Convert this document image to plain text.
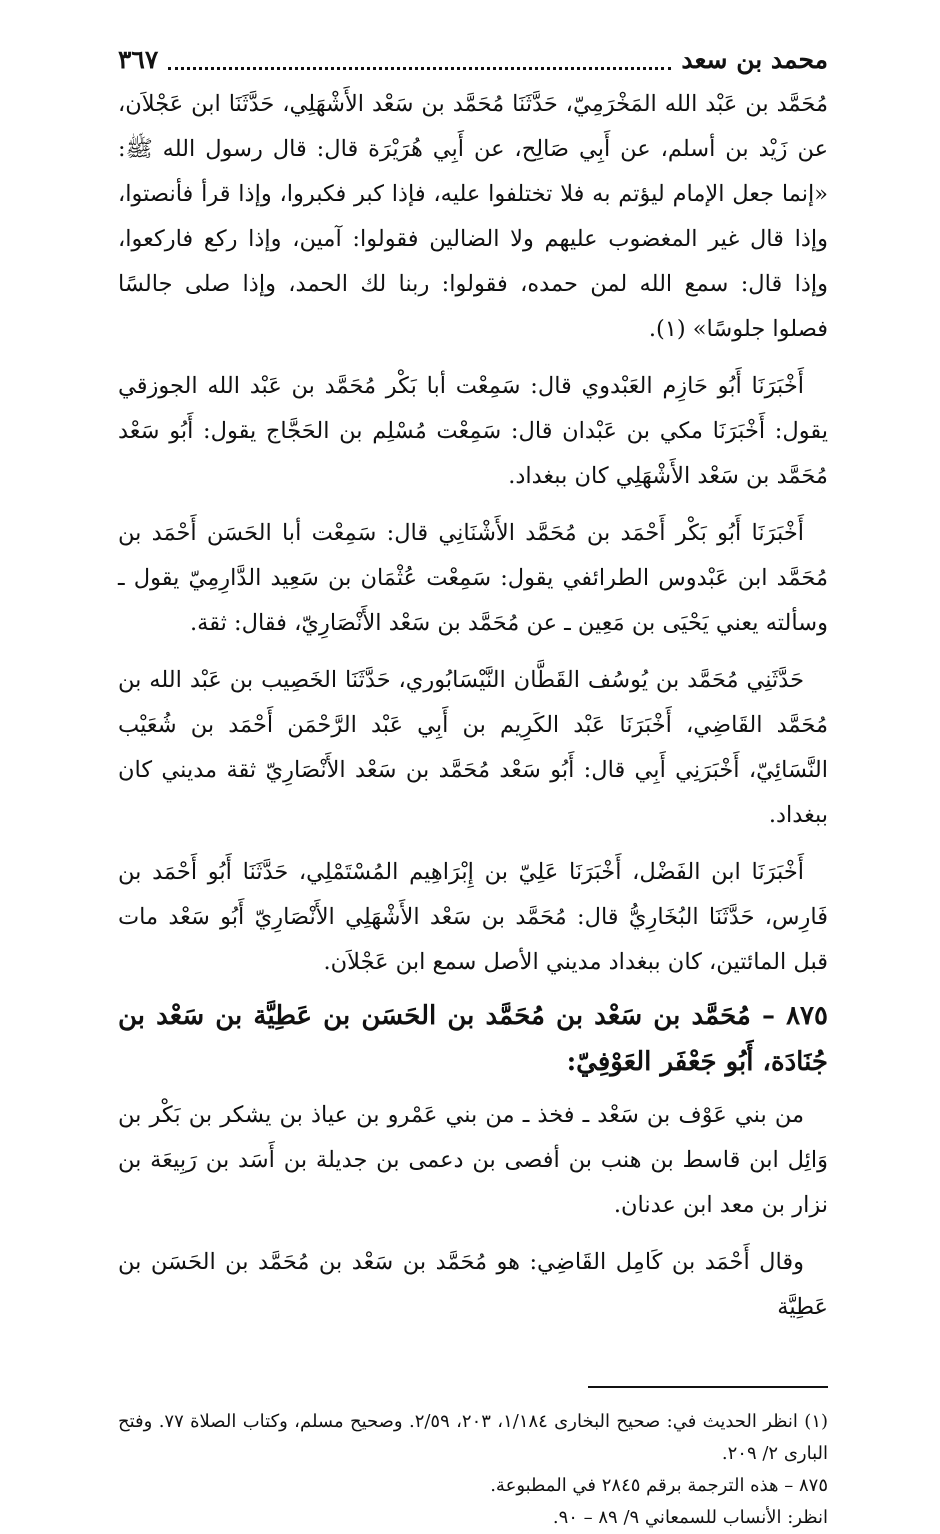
محمد بن سعد
٣٦٧

مُحَمَّد بن عَبْد الله المَخْرَمِيّ، حَدَّثَنَا مُحَمَّد بن سَعْد الأَشْهَلِي، حَدَّثَنَا ابن عَجْلاَن، عن زَيْد بن أسلم، عن أَبِي صَالِح، عن أَبِي هُرَيْرَة قال: قال رسول الله ﷺ: «إنما جعل الإمام ليؤتم به فلا تختلفوا عليه، فإذا كبر فكبروا، وإذا قرأ فأنصتوا، وإذا قال غير المغضوب عليهم ولا الضالين فقولوا: آمين، وإذا ركع فاركعوا، وإذا قال: سمع الله لمن حمده، فقولوا: ربنا لك الحمد، وإذا صلى جالسًا فصلوا جلوسًا» (١).

أَخْبَرَنَا أَبُو حَازِم العَبْدوي قال: سَمِعْت أبا بَكْر مُحَمَّد بن عَبْد الله الجوزقي يقول: أَخْبَرَنَا مكي بن عَبْدان قال: سَمِعْت مُسْلِم بن الحَجَّاج يقول: أَبُو سَعْد مُحَمَّد بن سَعْد الأَشْهَلِي كان ببغداد.

أَخْبَرَنَا أَبُو بَكْر أَحْمَد بن مُحَمَّد الأَشْنَانِي قال: سَمِعْت أبا الحَسَن أَحْمَد بن مُحَمَّد ابن عَبْدوس الطرائفي يقول: سَمِعْت عُثْمَان بن سَعِيد الدَّارِمِيّ يقول ـ وسألته يعني يَحْيَى بن مَعِين ـ عن مُحَمَّد بن سَعْد الأَنْصَارِيّ، فقال: ثقة.

حَدَّثَنِي مُحَمَّد بن يُوسُف القَطَّان النَّيْسَابُوري، حَدَّثَنَا الخَصِيب بن عَبْد الله بن مُحَمَّد القَاضِي، أَخْبَرَنَا عَبْد الكَرِيم بن أَبِي عَبْد الرَّحْمَن أَحْمَد بن شُعَيْب النَّسَائِيّ، أَخْبَرَنِي أَبِي قال: أَبُو سَعْد مُحَمَّد بن سَعْد الأَنْصَارِيّ ثقة مديني كان ببغداد.

أَخْبَرَنَا ابن الفَضْل، أَخْبَرَنَا عَلِيّ بن إِبْرَاهِيم المُسْتَمْلِي، حَدَّثَنَا أَبُو أَحْمَد بن فَارِس، حَدَّثَنَا البُخَارِيُّ قال: مُحَمَّد بن سَعْد الأَشْهَلِي الأَنْصَارِيّ أَبُو سَعْد مات قبل المائتين، كان ببغداد مديني الأصل سمع ابن عَجْلاَن.

٨٧٥ – مُحَمَّد بن سَعْد بن مُحَمَّد بن الحَسَن بن عَطِيَّة بن سَعْد بن جُنَادَة، أَبُو جَعْفَر العَوْفِيّ:

من بني عَوْف بن سَعْد ـ فخذ ـ من بني عَمْرو بن عياذ بن يشكر بن بَكْر بن وَائِل ابن قاسط بن هنب بن أفصى بن دعمى بن جديلة بن أَسَد بن رَبِيعَة بن نزار بن معد ابن عدنان.

وقال أَحْمَد بن كَامِل القَاضِي: هو مُحَمَّد بن سَعْد بن مُحَمَّد بن الحَسَن بن عَطِيَّة

(١) انظر الحديث في: صحيح البخارى ١/١٨٤، ٢٠٣، ٢/٥٩. وصحيح مسلم، وكتاب الصلاة ٧٧. وفتح البارى ٢/ ٢٠٩.

٨٧٥ – هذه الترجمة برقم ٢٨٤٥ في المطبوعة.

انظر: الأنساب للسمعاني ٩/ ٨٩ – ٩٠.
